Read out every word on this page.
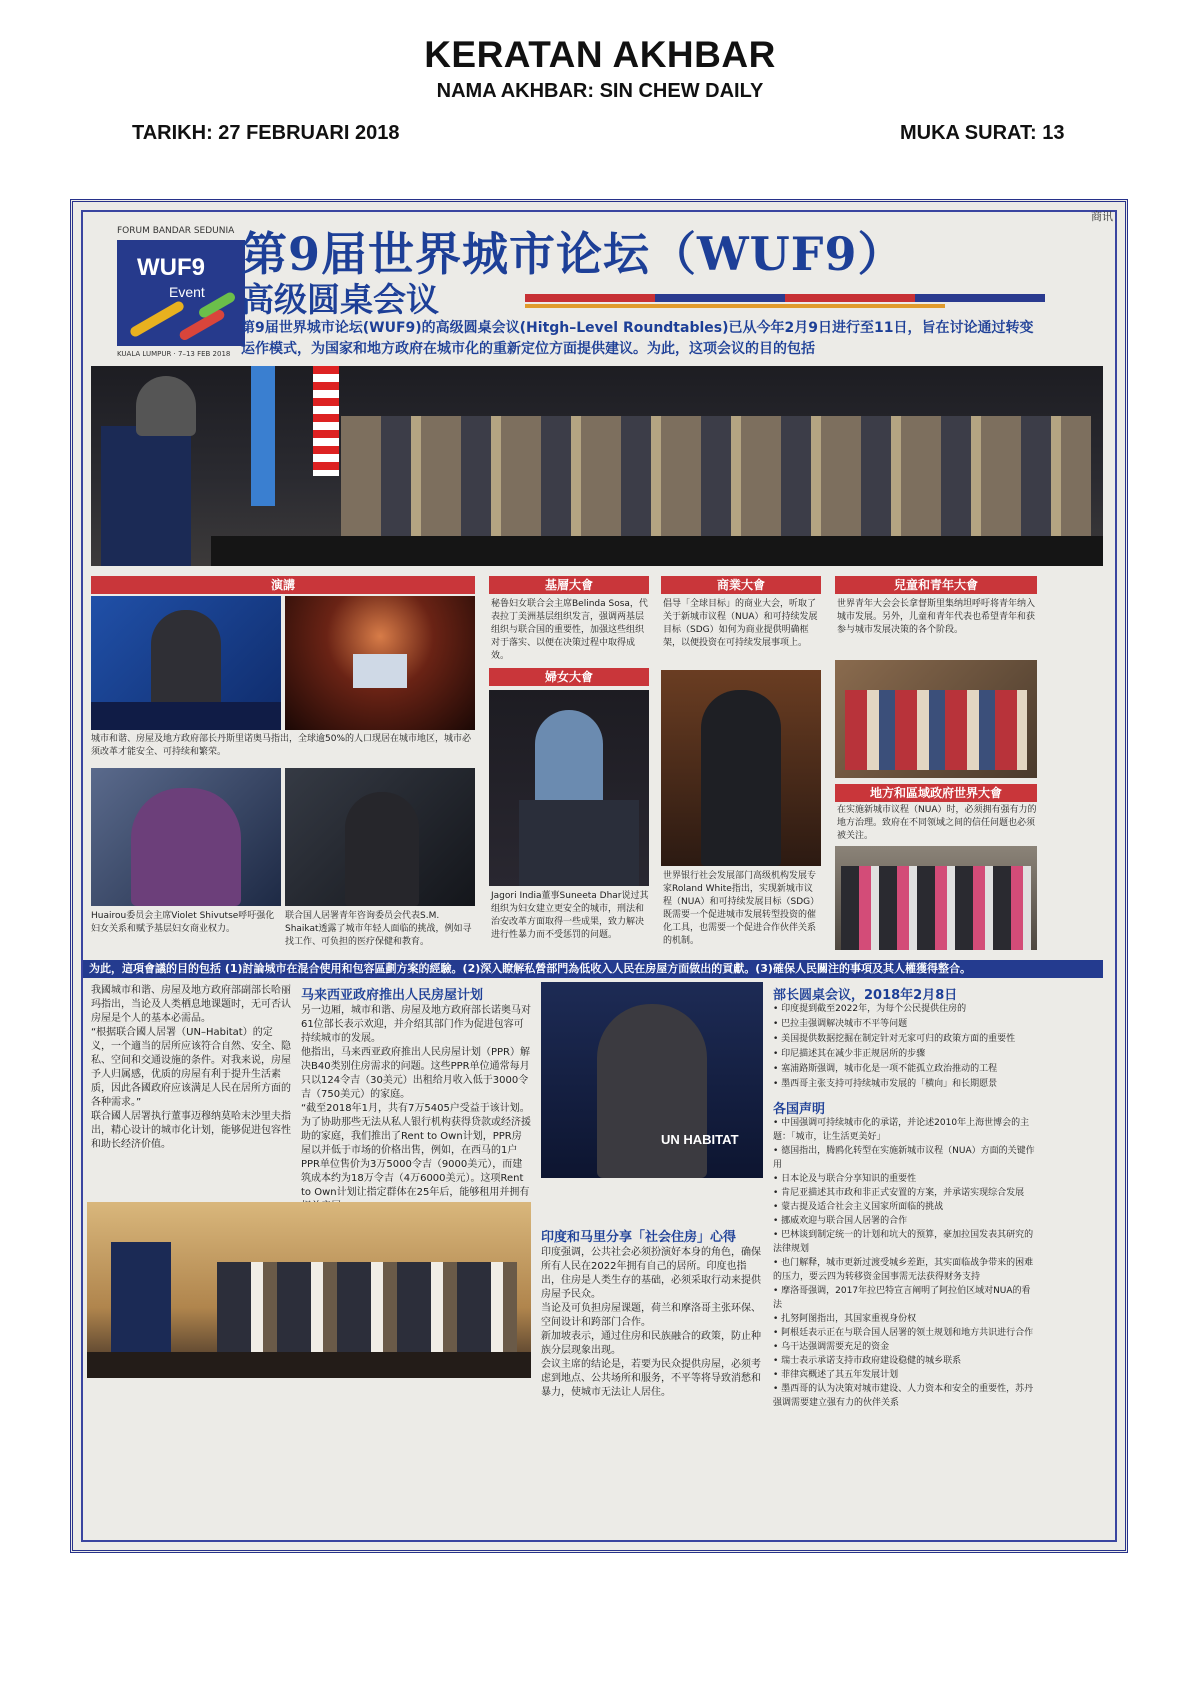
KERATAN AKHBAR
NAMA AKHBAR: SIN CHEW DAILY
TARIKH: 27 FEBRUARI 2018	MUKA SURAT: 13
FORUM BANDAR SEDUNIA
WUF9
Event
KUALA LUMPUR · 7–13 FEB 2018
商讯
第9届世界城市论坛（WUF9）
高级圆桌会议
第9届世界城市论坛(WUF9)的高级圆桌会议(Hitgh–Level Roundtables)已从今年2月9日进行至11日，旨在讨论通过转变运作模式，为国家和地方政府在城市化的重新定位方面提供建议。为此，这项会议的目的包括
演講	基層大會	商業大會	兒童和青年大會
城市和谐、房屋及地方政府部长丹斯里诺奥马指出，全球逾50%的人口现居在城市地区，城市必须改革才能安全、可持续和繁荣。
Huairou委员会主席Violet Shivutse呼吁强化妇女关系和赋予基层妇女商业权力。
联合国人居署青年咨询委员会代表S.M. Shaikat透露了城市年轻人面临的挑战，例如寻找工作、可负担的医疗保健和教育。
秘鲁妇女联合会主席Belinda Sosa，代表拉丁美洲基层组织发言，强调两基层组织与联合国的重要性，加强这些组织对于落实、以便在决策过程中取得成效。
倡导「全球目标」的商业大会，听取了关于新城市议程（NUA）和可持续发展目标（SDG）如何为商业提供明确框架，以便投资在可持续发展事项上。
婦女大會
Jagori India董事Suneeta Dhar说过其组织为妇女建立更安全的城市，刑法和治安改革方面取得一些成果，致力解决进行性暴力而不受惩罚的问题。
世界银行社会发展部门高级机构发展专家Roland White指出，实现新城市议程（NUA）和可持续发展目标（SDG）既需要一个促进城市发展转型投资的催化工具，也需要一个促进合作伙伴关系的机制。
世界青年大会会长拿督斯里集纳坦呼吁将青年纳入城市发展。另外，儿童和青年代表也希望青年和获参与城市发展决策的各个阶段。
地方和區域政府世界大會
在实施新城市议程（NUA）时，必须拥有强有力的地方治理。致府在不同领域之间的信任问题也必须被关注。
为此，這項會議的目的包括 (1)討論城市在混合使用和包容區劃方案的經驗。(2)深入瞭解私營部門為低收入人民在房屋方面做出的貢獻。(3)確保人民關注的事項及其人權獲得整合。
我國城市和谐、房屋及地方政府部副部长哈丽玛指出，当论及人类栖息地课题时，无可否认房屋是个人的基本必需品。
“根据联合國人居署（UN–Habitat）的定义，一个適当的居所应该符合自然、安全、隐私、空间和交通设施的条件。对我来说，房屋予人归属感，优质的房屋有利于提升生活素质，因此各國政府应该满足人民在居所方面的各种需求。”
联合國人居署执行董事迈穆纳莫哈末沙里夫指出，精心设计的城市化计划，能够促进包容性和助长经济价值。
马来西亚政府推出人民房屋计划
另一边厢，城市和谐、房屋及地方政府部长诺奥马对61位部长表示欢迎，并介绍其部门作为促进包容可持续城市的发展。
他指出，马来西亚政府推出人民房屋计划（PPR）解决B40类别住房需求的问题。这些PPR单位通常每月只以124令吉（30美元）出租给月收入低于3000令吉（750美元）的家庭。
“截至2018年1月，共有7万5405户受益于该计划。为了协助那些无法从私人银行机构获得贷款或经济援助的家庭，我们推出了Rent to Own计划，PPR房屋以并低于市场的价格出售，例如，在西马的1户PPR单位售价为3万5000令吉（9000美元），而建筑成本约为18万令吉（4万6000美元）。这项Rent to Own计划让指定群体在25年后，能够租用并拥有
UN HABITAT
部长圆桌会议，2018年2月8日
• 印度提到截至2022年，为每个公民提供住房的
• 巴拉圭强调解决城市不平等问题
• 美国提供数据挖掘在制定针对无家可归的政策方面的重要性
• 印尼描述其在减少非正规居所的步骤
• 塞浦路斯强调，城市化是一项不能孤立政治推动的工程
• 墨西哥主张支持可持续城市发展的「横向」和长期愿景
各国声明
• 中国强调可持续城市化的承诺，并论述2010年上海世博会的主题：「城市，让生活更美好」
• 德国指出，腾鸥化转型在实施新城市议程（NUA）方面的关键作用
• 日本论及与联合分享知识的重要性
• 肯尼亚描述其市政和非正式安置的方案，并承诺实现综合发展
• 蒙古提及适合社会主义国家所面临的挑战
• 挪威欢迎与联合国人居署的合作
• 巴林谈到制定统一的计划和坑大的预算，豪加拉国发表其研究的法律规划
• 也门解释，城市更新过渡受城乡差距，其实面临战争带来的困难的压力，要云四为转移资金国事需无法获得财务支持
• 摩洛哥强调，2017年拉巴特宣言阐明了阿拉伯区域对NUA的看法
• 扎努阿图指出，其国家重视身份权
• 阿根廷表示正在与联合国人居署的领土规划和地方共识进行合作
• 乌干达强调需要充足的资金
• 瑞士表示承诺支持市政府建设稳健的城乡联系
• 菲律宾概述了其五年发展计划
• 墨西哥的认为决策对城市建设、人力资本和安全的重要性，苏丹强调需要建立强有力的伙伴关系
印度和马里分享「社会住房」心得
印度强调，公共社会必须扮演好本身的角色，确保所有人民在2022年拥有自己的居所。印度也指出，住房是人类生存的基础，必须采取行动来提供房屋予民众。
当论及可负担房屋课题，荷兰和摩洛哥主张环保、空间设计和跨部门合作。
新加坡表示，通过住房和民族融合的政策，防止种族分层现象出现。
会议主席的结论是，若要为民众提供房屋，必须考虑到地点、公共场所和服务，不平等将导致消愁和暴力，使城市无法让人居住。
